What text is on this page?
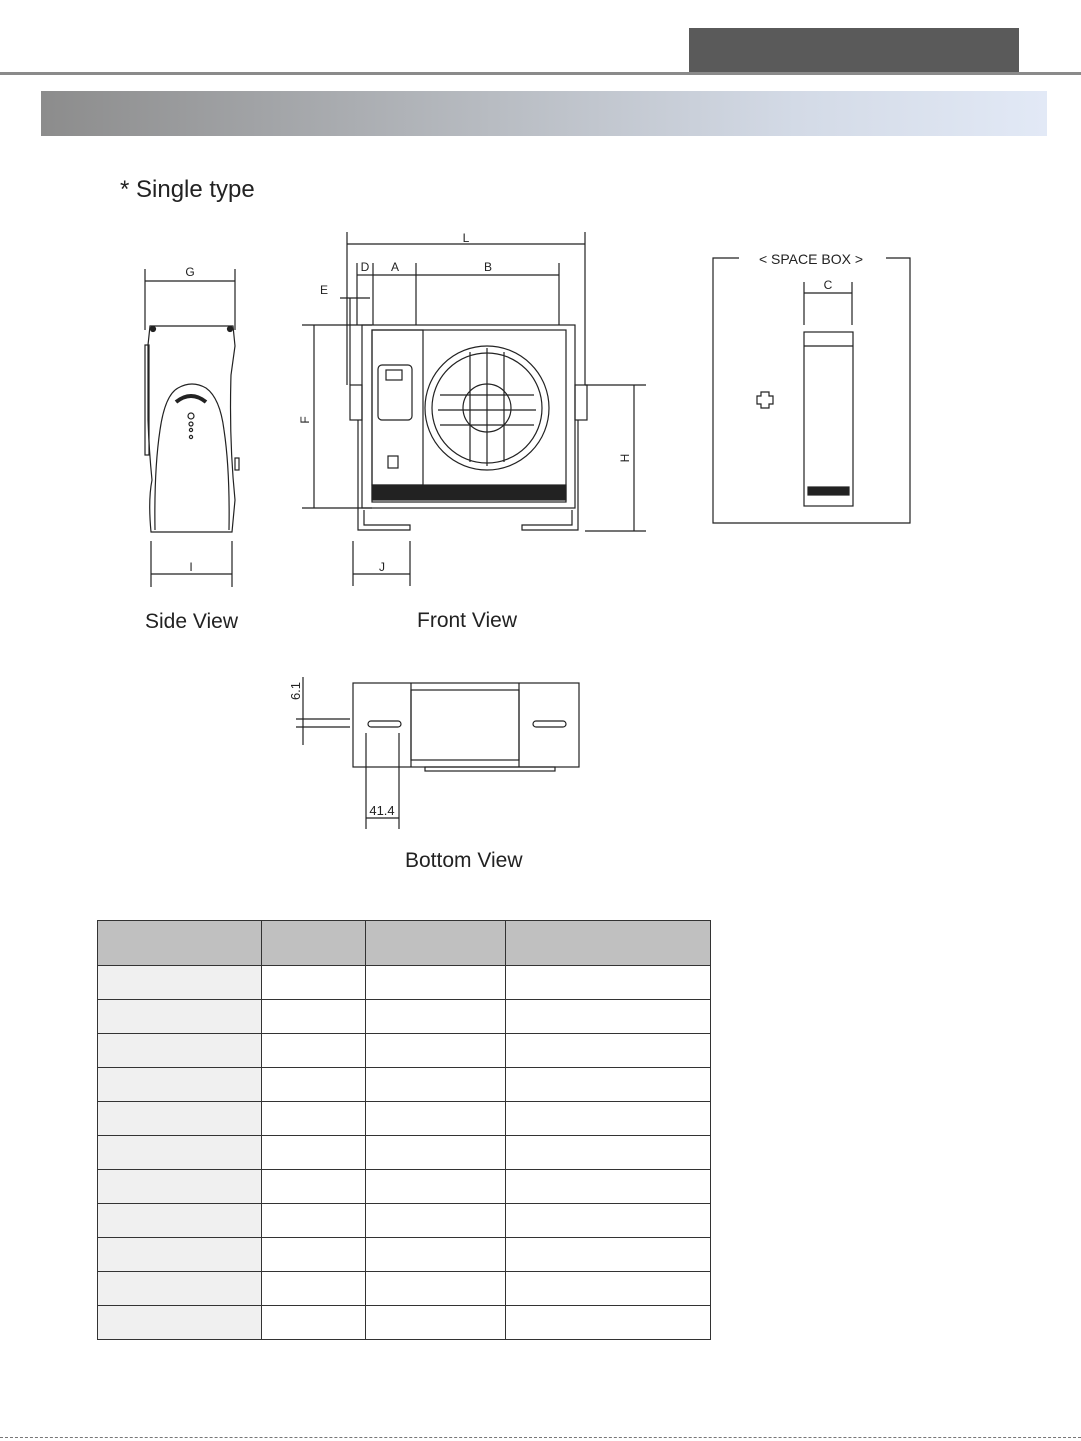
* Single type

L
D A	B
E
G
F
H
I	J
C
< SPACE BOX >
6.1
41.4
Side View	Front View
Bottom View
